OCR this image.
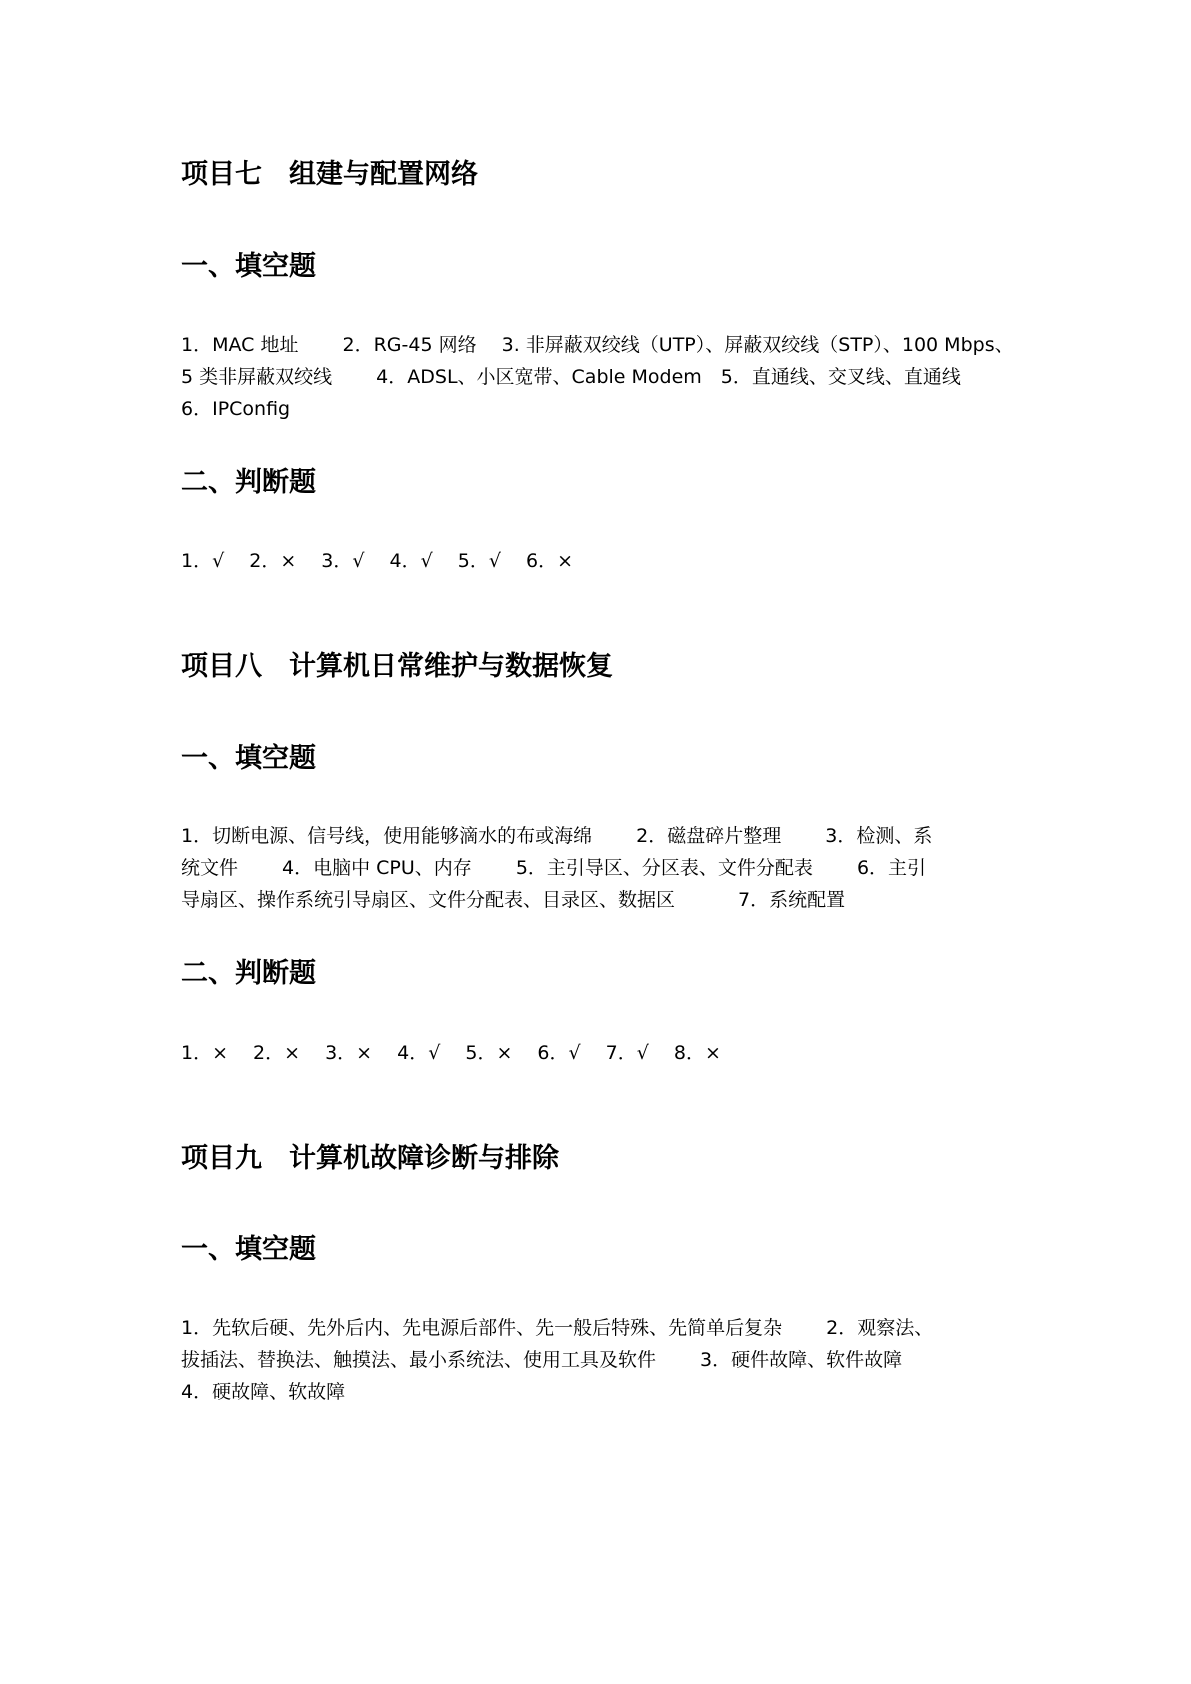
项目七　组建与配置网络
一、填空题

1．MAC 地址　　 2．RG-45 网络　 3. 非屏蔽双绞线（UTP）、屏蔽双绞线（STP）、100 Mbps、

5 类非屏蔽双绞线　　 4．ADSL、小区宽带、Cable Modem　5．直通线、交叉线、直通线

6．IPConfig

二、判断题

1．√　 2．×　 3．√　 4．√　 5．√　 6．×

项目八　计算机日常维护与数据恢复
一、填空题

1．切断电源、信号线，使用能够滴水的布或海绵　　 2．磁盘碎片整理　　 3．检测、系

统文件　　 4．电脑中 CPU、内存　　 5．主引导区、分区表、文件分配表　　 6．主引

导扇区、操作系统引导扇区、文件分配表、目录区、数据区　　　 7．系统配置

二、判断题

1．×　 2．×　 3．×　 4．√　 5．×　 6．√　 7．√　 8．×

项目九　计算机故障诊断与排除
一、填空题

1．先软后硬、先外后内、先电源后部件、先一般后特殊、先简单后复杂　　 2．观察法、

拔插法、替换法、触摸法、最小系统法、使用工具及软件　　 3．硬件故障、软件故障

4．硬故障、软故障
